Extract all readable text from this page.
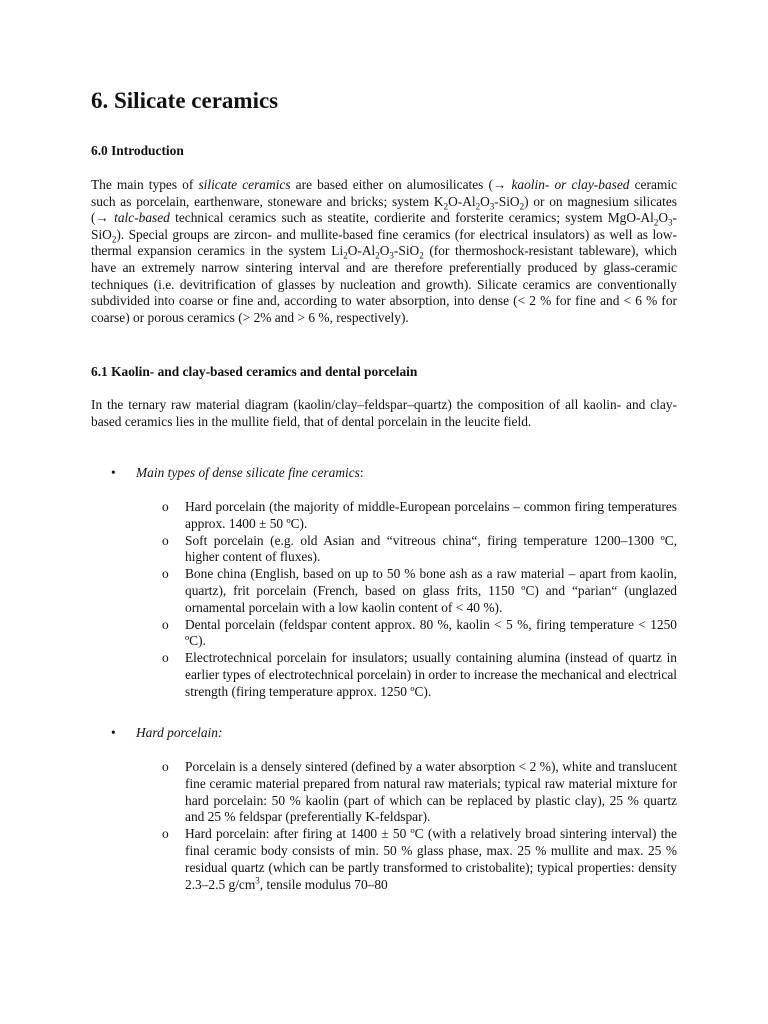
6. Silicate ceramics
6.0 Introduction

The main types of silicate ceramics are based either on alumosilicates (→ kaolin- or clay-based ceramic such as porcelain, earthenware, stoneware and bricks; system $K_2O-Al_2O_3-SiO_2$) or on magnesium silicates (→ talc-based technical ceramics such as steatite, cordierite and forsterite ceramics; system MgO-$Al_2O_3-SiO_2$). Special groups are zircon- and mullite-based fine ceramics (for electrical insulators) as well as low-thermal expansion ceramics in the system $Li_2O-Al_2O_3-SiO_2$ (for thermoshock-resistant tableware), which have an extremely narrow sintering interval and are therefore preferentially produced by glass-ceramic techniques (i.e. devitrification of glasses by nucleation and growth). Silicate ceramics are conventionally subdivided into coarse or fine and, according to water absorption, into dense (< 2 % for fine and < 6 % for coarse) or porous ceramics (> 2% and > 6 %, respectively).

6.1 Kaolin- and clay-based ceramics and dental porcelain

In the ternary raw material diagram (kaolin/clay–feldspar–quartz) the composition of all kaolin- and clay-based ceramics lies in the mullite field, that of dental porcelain in the leucite field.

• Main types of dense silicate fine ceramics:

o Hard porcelain (the majority of middle-European porcelains – common firing temperatures approx. 1400 ± 50 ºC).
o Soft porcelain (e.g. old Asian and “vitreous china“, firing temperature 1200–1300 ºC, higher content of fluxes).
o Bone china (English, based on up to 50 % bone ash as a raw material – apart from kaolin, quartz), frit porcelain (French, based on glass frits, 1150 ºC) and “parian“ (unglazed ornamental porcelain with a low kaolin content of < 40 %).
o Dental porcelain (feldspar content approx. 80 %, kaolin < 5 %, firing temperature < 1250 ºC).
o Electrotechnical porcelain for insulators; usually containing alumina (instead of quartz in earlier types of electrotechnical porcelain) in order to increase the mechanical and electrical strength (firing temperature approx. 1250 ºC).

• Hard porcelain:

o Porcelain is a densely sintered (defined by a water absorption < 2 %), white and translucent fine ceramic material prepared from natural raw materials; typical raw material mixture for hard porcelain: 50 % kaolin (part of which can be replaced by plastic clay), 25 % quartz and 25 % feldspar (preferentially K-feldspar).
o Hard porcelain: after firing at 1400 ± 50 ºC (with a relatively broad sintering interval) the final ceramic body consists of min. 50 % glass phase, max. 25 % mullite and max. 25 % residual quartz (which can be partly transformed to cristobalite); typical properties: density 2.3–2.5 $g/cm^3$, tensile modulus 70–80
